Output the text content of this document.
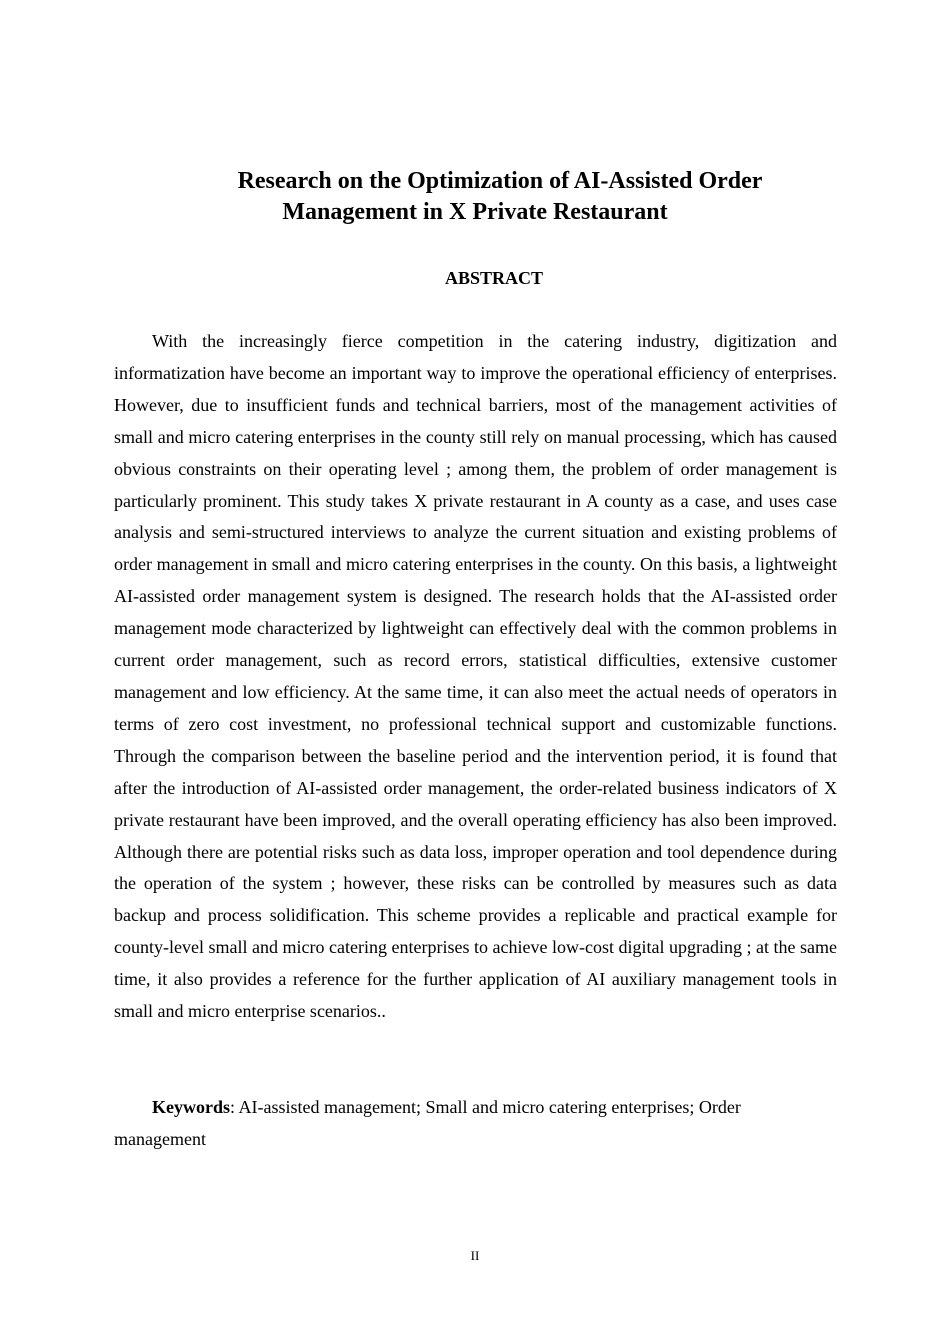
Research on the Optimization of AI-Assisted Order
Management in X Private Restaurant
ABSTRACT

With the increasingly fierce competition in the catering industry, digitization and informatization have become an important way to improve the operational efficiency of enterprises. However, due to insufficient funds and technical barriers, most of the management activities of small and micro catering enterprises in the county still rely on manual processing, which has caused obvious constraints on their operating level ; among them, the problem of order management is particularly prominent. This study takes X private restaurant in A county as a case, and uses case analysis and semi-structured interviews to analyze the current situation and existing problems of order management in small and micro catering enterprises in the county. On this basis, a lightweight AI-assisted order management system is designed. The research holds that the AI-assisted order management mode characterized by lightweight can effectively deal with the common problems in current order management, such as record errors, statistical difficulties, extensive customer management and low efficiency. At the same time, it can also meet the actual needs of operators in terms of zero cost investment, no professional technical support and customizable functions. Through the comparison between the baseline period and the intervention period, it is found that after the introduction of AI-assisted order management, the order-related business indicators of X private restaurant have been improved, and the overall operating efficiency has also been improved. Although there are potential risks such as data loss, improper operation and tool dependence during the operation of the system ; however, these risks can be controlled by measures such as data backup and process solidification. This scheme provides a replicable and practical example for county-level small and micro catering enterprises to achieve low-cost digital upgrading ; at the same time, it also provides a reference for the further application of AI auxiliary management tools in small and micro enterprise scenarios..

Keywords: AI-assisted management; Small and micro catering enterprises; Order management

II
